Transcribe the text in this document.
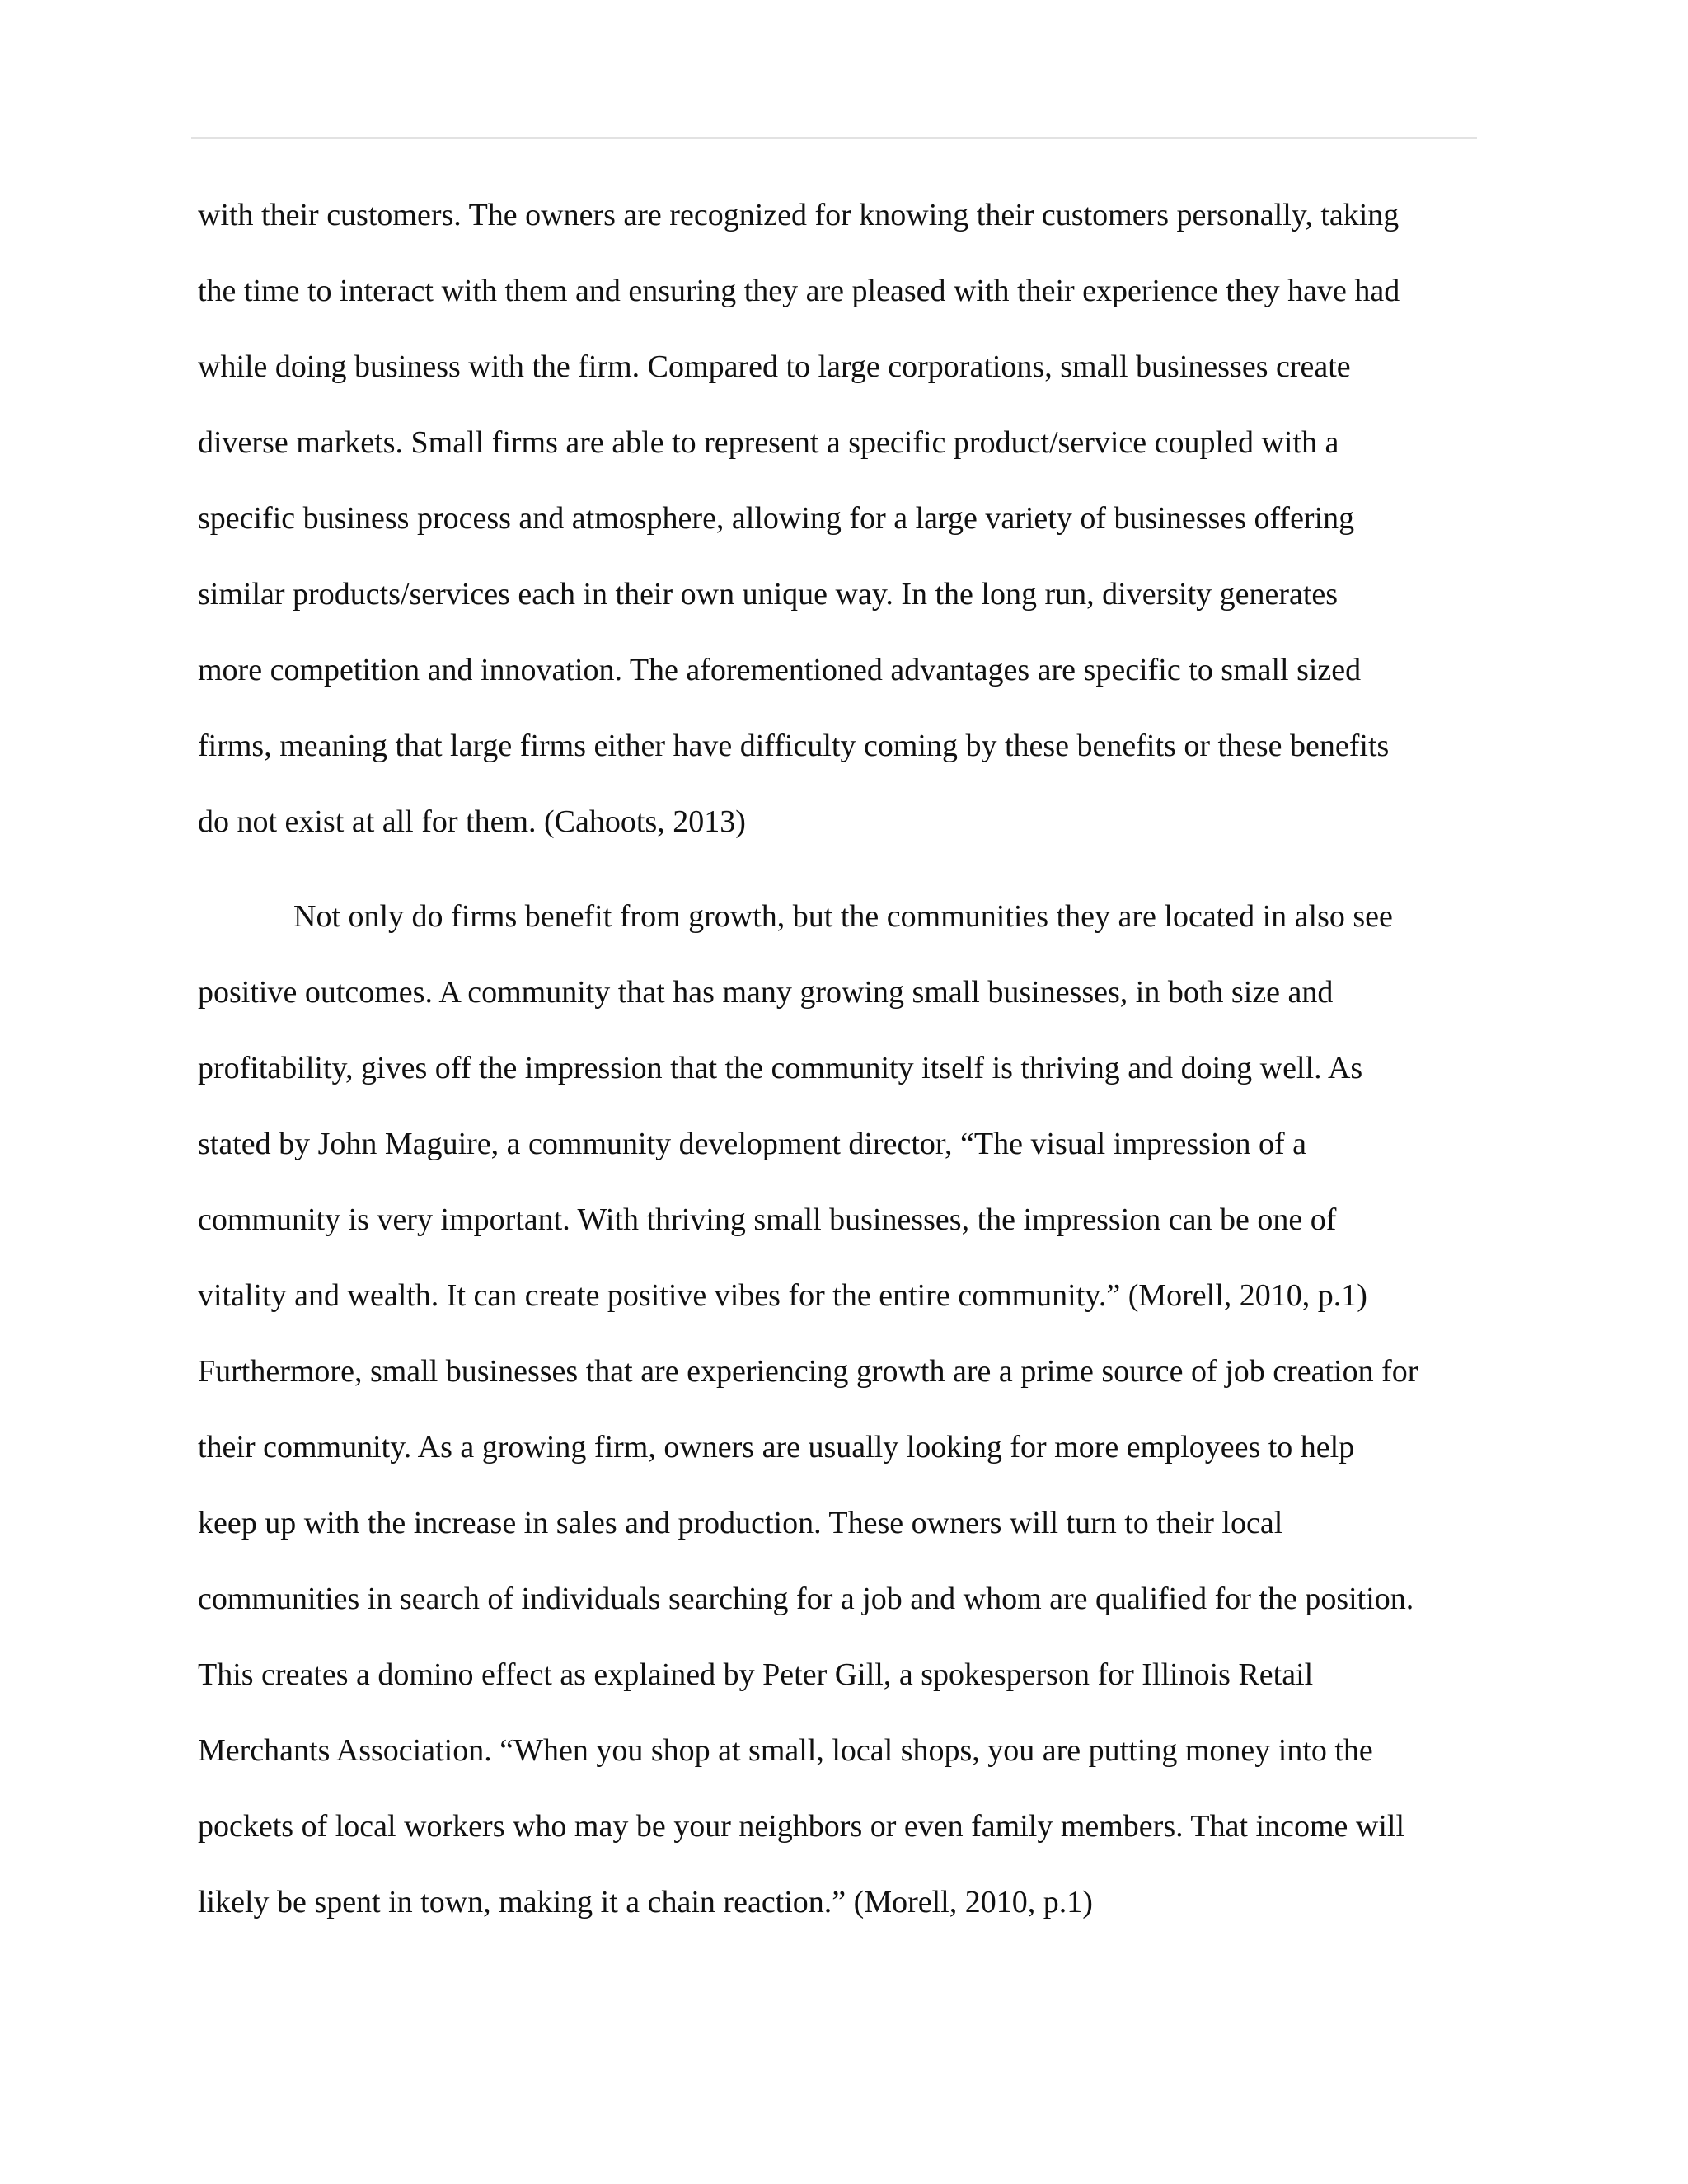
with their customers. The owners are recognized for knowing their customers personally, taking
the time to interact with them and ensuring they are pleased with their experience they have had
while doing business with the firm. Compared to large corporations, small businesses create
diverse markets. Small firms are able to represent a specific product/service coupled with a
specific business process and atmosphere, allowing for a large variety of businesses offering
similar products/services each in their own unique way. In the long run, diversity generates
more competition and innovation. The aforementioned advantages are specific to small sized
firms, meaning that large firms either have difficulty coming by these benefits or these benefits
do not exist at all for them. (Cahoots, 2013)
Not only do firms benefit from growth, but the communities they are located in also see
positive outcomes. A community that has many growing small businesses, in both size and
profitability, gives off the impression that the community itself is thriving and doing well. As
stated by John Maguire, a community development director, “The visual impression of a
community is very important. With thriving small businesses, the impression can be one of
vitality and wealth. It can create positive vibes for the entire community.” (Morell, 2010, p.1)
Furthermore, small businesses that are experiencing growth are a prime source of job creation for
their community. As a growing firm, owners are usually looking for more employees to help
keep up with the increase in sales and production. These owners will turn to their local
communities in search of individuals searching for a job and whom are qualified for the position.
This creates a domino effect as explained by Peter Gill, a spokesperson for Illinois Retail
Merchants Association. “When you shop at small, local shops, you are putting money into the
pockets of local workers who may be your neighbors or even family members. That income will
likely be spent in town, making it a chain reaction.” (Morell, 2010, p.1)
